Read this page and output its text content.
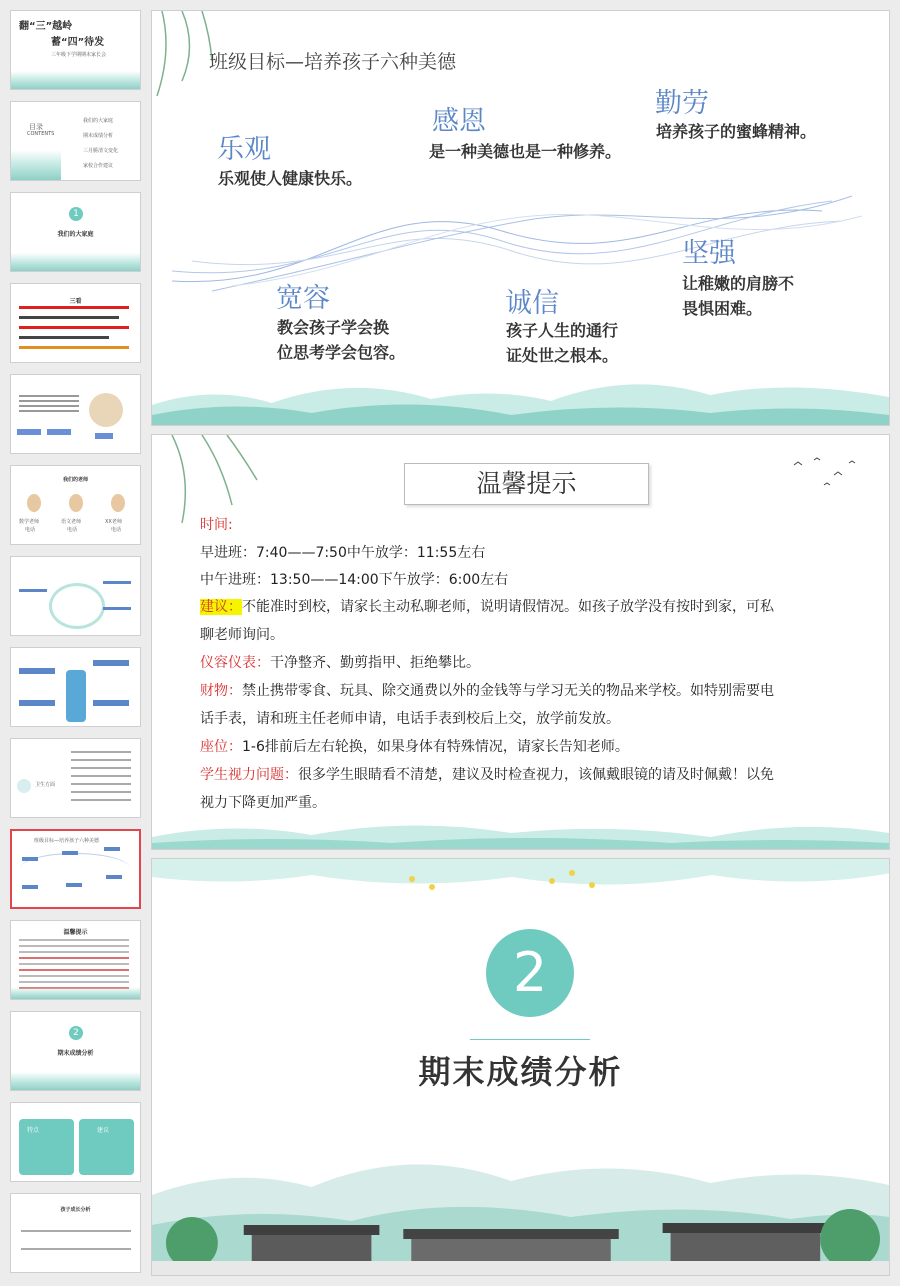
翻“三”越岭
蓄“四”待发
三年级下学期期末家长会
目录
CONTENTS
我们的大家庭
期末成绩分析
三月勝清文变化
家校合作建议
1
我们的大家庭
三看
我们的老师
数学老师	语文老师	XX老师
电话	电话	电话
卫生方面
班级目标—培养孩子六种美德
温馨提示
2
期末成绩分析
特点	建议
孩子成长分析
班级目标—培养孩子六种美德
乐观
乐观使人健康快乐。
感恩
是一种美德也是一种修养。
勤劳
培养孩子的蜜蜂精神。
宽容
教会孩子学会换
位思考学会包容。
诚信
孩子人生的通行
证处世之根本。
坚强
让稚嫩的肩膀不
畏惧困难。
温馨提示
时间:
早进班：7:40——7:50中午放学：11:55左右
中午进班：13:50——14:00下午放学：6:00左右
建议：不能准时到校，请家长主动私聊老师，说明请假情况。如孩子放学没有按时到家，可私
聊老师询问。
仪容仪表：干净整齐、勤剪指甲、拒绝攀比。
财物：禁止携带零食、玩具、除交通费以外的金钱等与学习无关的物品来学校。如特别需要电
话手表，请和班主任老师申请，电话手表到校后上交，放学前发放。
座位：1-6排前后左右轮换，如果身体有特殊情况，请家长告知老师。
学生视力问题：很多学生眼睛看不清楚，建议及时检查视力，该佩戴眼镜的请及时佩戴！以免
视力下降更加严重。
2
期末成绩分析
